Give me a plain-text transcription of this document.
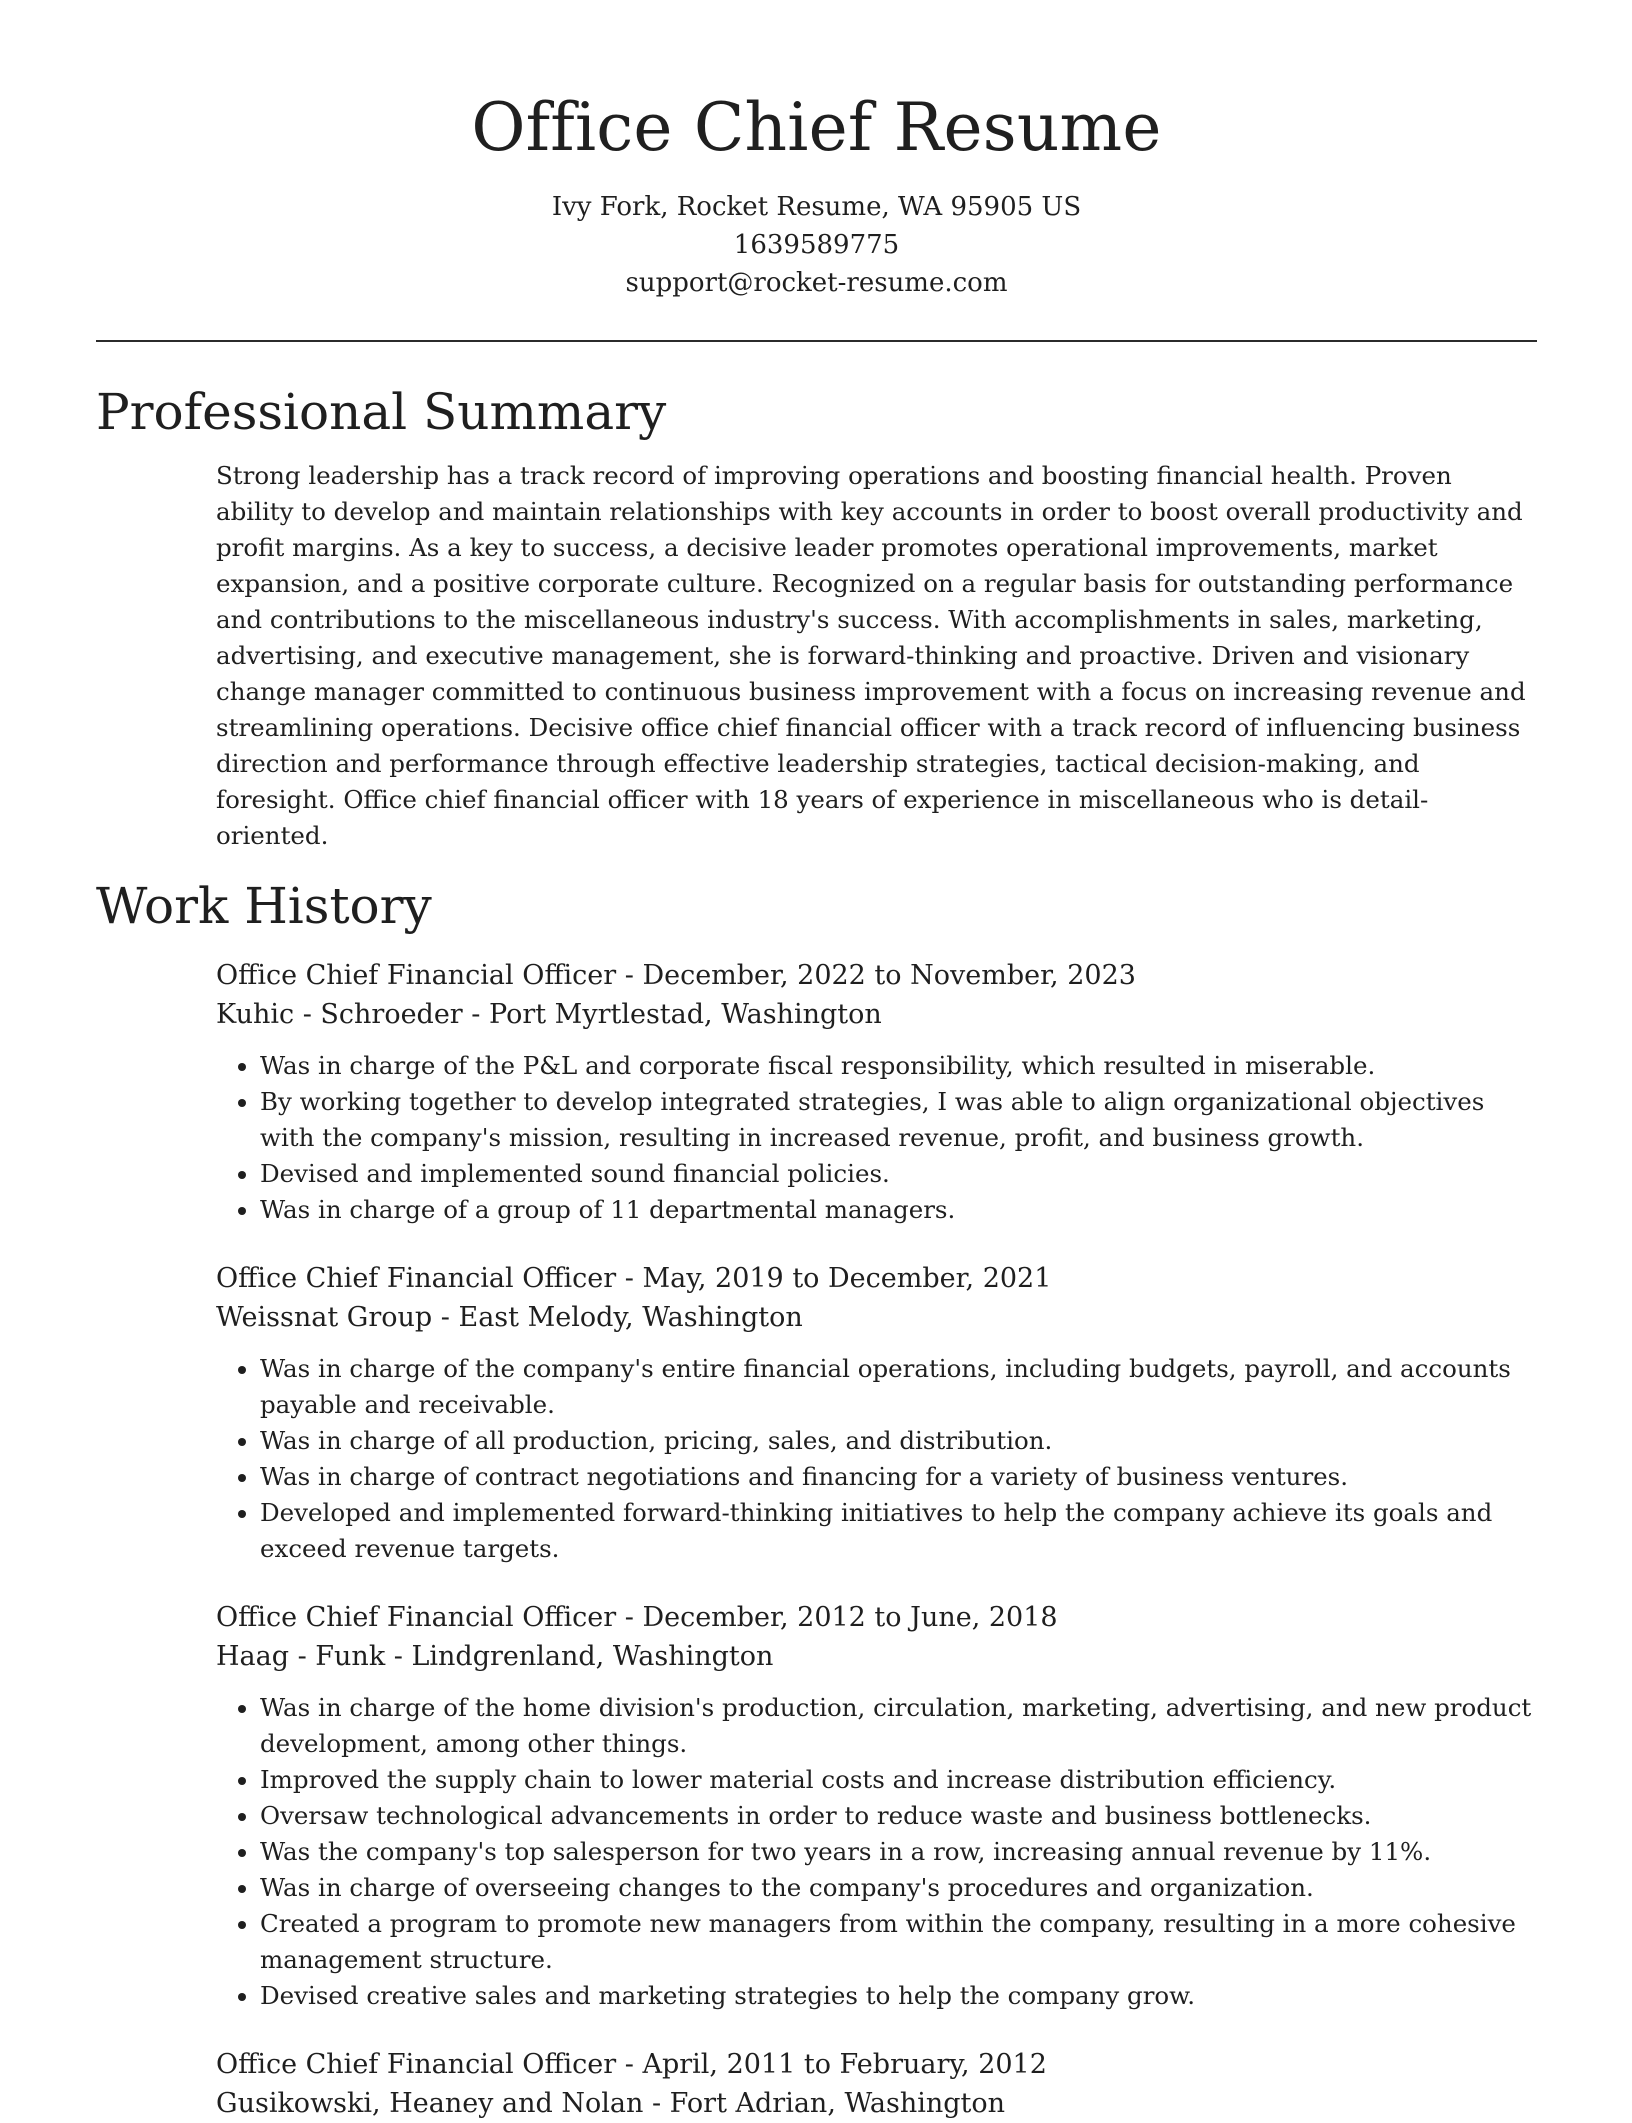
Office Chief Resume
Ivy Fork, Rocket Resume, WA 95905 US
1639589775
support@rocket-resume.com
Professional Summary
Strong leadership has a track record of improving operations and boosting financial health. Proven ability to develop and maintain relationships with key accounts in order to boost overall productivity and profit margins. As a key to success, a decisive leader promotes operational improvements, market expansion, and a positive corporate culture. Recognized on a regular basis for outstanding performance and contributions to the miscellaneous industry's success. With accomplishments in sales, marketing, advertising, and executive management, she is forward-thinking and proactive. Driven and visionary change manager committed to continuous business improvement with a focus on increasing revenue and streamlining operations. Decisive office chief financial officer with a track record of influencing business direction and performance through effective leadership strategies, tactical decision-making, and foresight. Office chief financial officer with 18 years of experience in miscellaneous who is detail-oriented.
Work History
Office Chief Financial Officer - December, 2022 to November, 2023
Kuhic - Schroeder - Port Myrtlestad, Washington
• Was in charge of the P&L and corporate fiscal responsibility, which resulted in miserable.
• By working together to develop integrated strategies, I was able to align organizational objectives with the company's mission, resulting in increased revenue, profit, and business growth.
• Devised and implemented sound financial policies.
• Was in charge of a group of 11 departmental managers.
Office Chief Financial Officer - May, 2019 to December, 2021
Weissnat Group - East Melody, Washington
• Was in charge of the company's entire financial operations, including budgets, payroll, and accounts payable and receivable.
• Was in charge of all production, pricing, sales, and distribution.
• Was in charge of contract negotiations and financing for a variety of business ventures.
• Developed and implemented forward-thinking initiatives to help the company achieve its goals and exceed revenue targets.
Office Chief Financial Officer - December, 2012 to June, 2018
Haag - Funk - Lindgrenland, Washington
• Was in charge of the home division's production, circulation, marketing, advertising, and new product development, among other things.
• Improved the supply chain to lower material costs and increase distribution efficiency.
• Oversaw technological advancements in order to reduce waste and business bottlenecks.
• Was the company's top salesperson for two years in a row, increasing annual revenue by 11%.
• Was in charge of overseeing changes to the company's procedures and organization.
• Created a program to promote new managers from within the company, resulting in a more cohesive management structure.
• Devised creative sales and marketing strategies to help the company grow.
Office Chief Financial Officer - April, 2011 to February, 2012
Gusikowski, Heaney and Nolan - Fort Adrian, Washington
